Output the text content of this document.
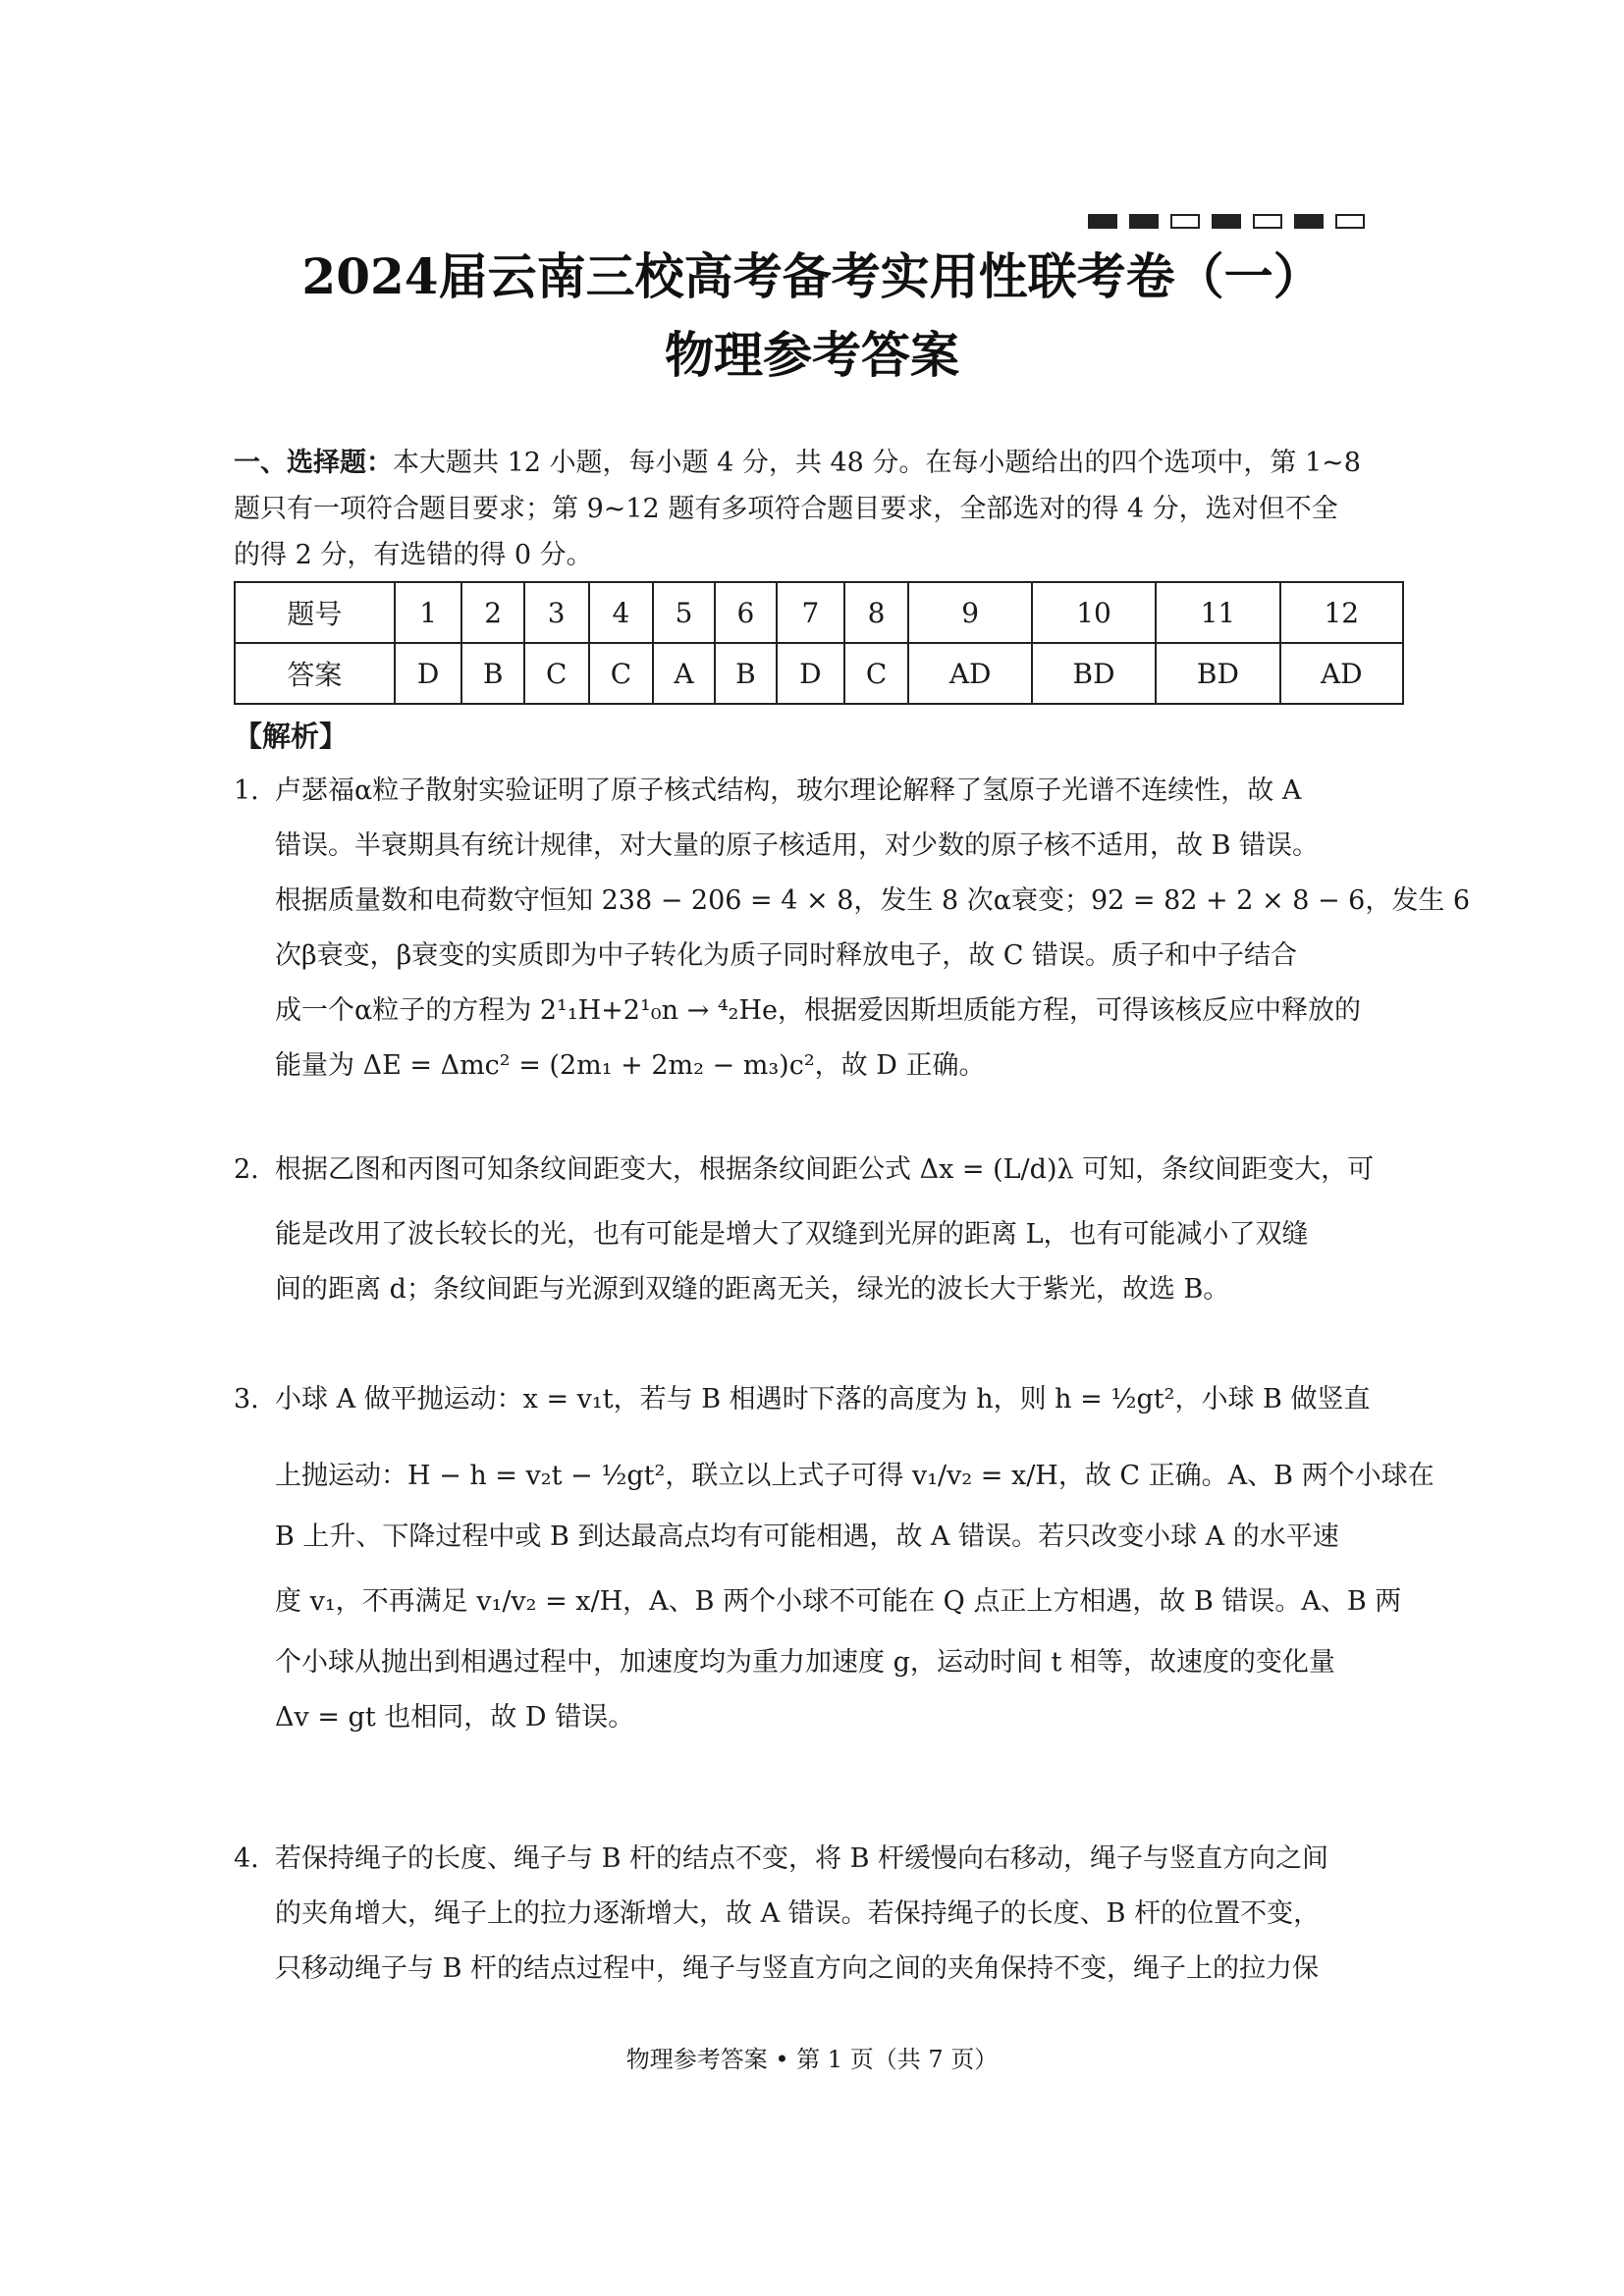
2024届云南三校高考备考实用性联考卷（一）
物理参考答案
一、选择题：本大题共 12 小题，每小题 4 分，共 48 分。在每小题给出的四个选项中，第 1~8
题只有一项符合题目要求；第 9~12 题有多项符合题目要求，全部选对的得 4 分，选对但不全
的得 2 分，有选错的得 0 分。
题号	1	2	3	4	5	6	7	8	9	10	11	12
答案	D	B	C	C	A	B	D	C	AD	BD	BD	AD
【解析】
1. 卢瑟福α粒子散射实验证明了原子核式结构，玻尔理论解释了氢原子光谱不连续性，故 A
错误。半衰期具有统计规律，对大量的原子核适用，对少数的原子核不适用，故 B 错误。
根据质量数和电荷数守恒知 238 − 206 = 4 × 8，发生 8 次α衰变；92 = 82 + 2 × 8 − 6，发生 6
次β衰变，β衰变的实质即为中子转化为质子同时释放电子，故 C 错误。质子和中子结合
成一个α粒子的方程为 2¹₁H+2¹₀n → ⁴₂He，根据爱因斯坦质能方程，可得该核反应中释放的
能量为 ΔE = Δmc² = (2m₁ + 2m₂ − m₃)c²，故 D 正确。
2. 根据乙图和丙图可知条纹间距变大，根据条纹间距公式 Δx = (L/d)λ 可知，条纹间距变大，可
能是改用了波长较长的光，也有可能是增大了双缝到光屏的距离 L，也有可能减小了双缝
间的距离 d；条纹间距与光源到双缝的距离无关，绿光的波长大于紫光，故选 B。
3. 小球 A 做平抛运动：x = v₁t，若与 B 相遇时下落的高度为 h，则 h = ½gt²，小球 B 做竖直
上抛运动：H − h = v₂t − ½gt²，联立以上式子可得 v₁/v₂ = x/H，故 C 正确。A、B 两个小球在
B 上升、下降过程中或 B 到达最高点均有可能相遇，故 A 错误。若只改变小球 A 的水平速
度 v₁，不再满足 v₁/v₂ = x/H，A、B 两个小球不可能在 Q 点正上方相遇，故 B 错误。A、B 两
个小球从抛出到相遇过程中，加速度均为重力加速度 g，运动时间 t 相等，故速度的变化量
Δv = gt 也相同，故 D 错误。
4. 若保持绳子的长度、绳子与 B 杆的结点不变，将 B 杆缓慢向右移动，绳子与竖直方向之间
的夹角增大，绳子上的拉力逐渐增大，故 A 错误。若保持绳子的长度、B 杆的位置不变，
只移动绳子与 B 杆的结点过程中，绳子与竖直方向之间的夹角保持不变，绳子上的拉力保
物理参考答案 • 第 1 页（共 7 页）
